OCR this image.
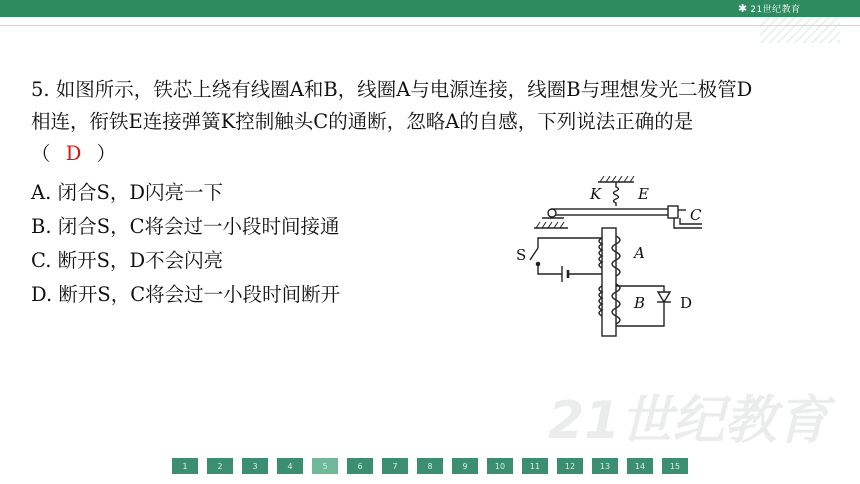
✱ 21世纪教育

5. 如图所示，铁芯上绕有线圈A和B，线圈A与电源连接，线圈B与理想发光二极管D

相连，衔铁E连接弹簧K控制触头C的通断，忽略A的自感，下列说法正确的是

（ D ）

A. 闭合S，D闪亮一下
B. 闭合S，C将会过一小段时间接通
C. 断开S，D不会闪亮
D. 断开S，C将会过一小段时间断开
K E
C
S	A
B D
21世纪教育
1	2	3	4	5	6	7	8	9	10	11	12	13	14	15
